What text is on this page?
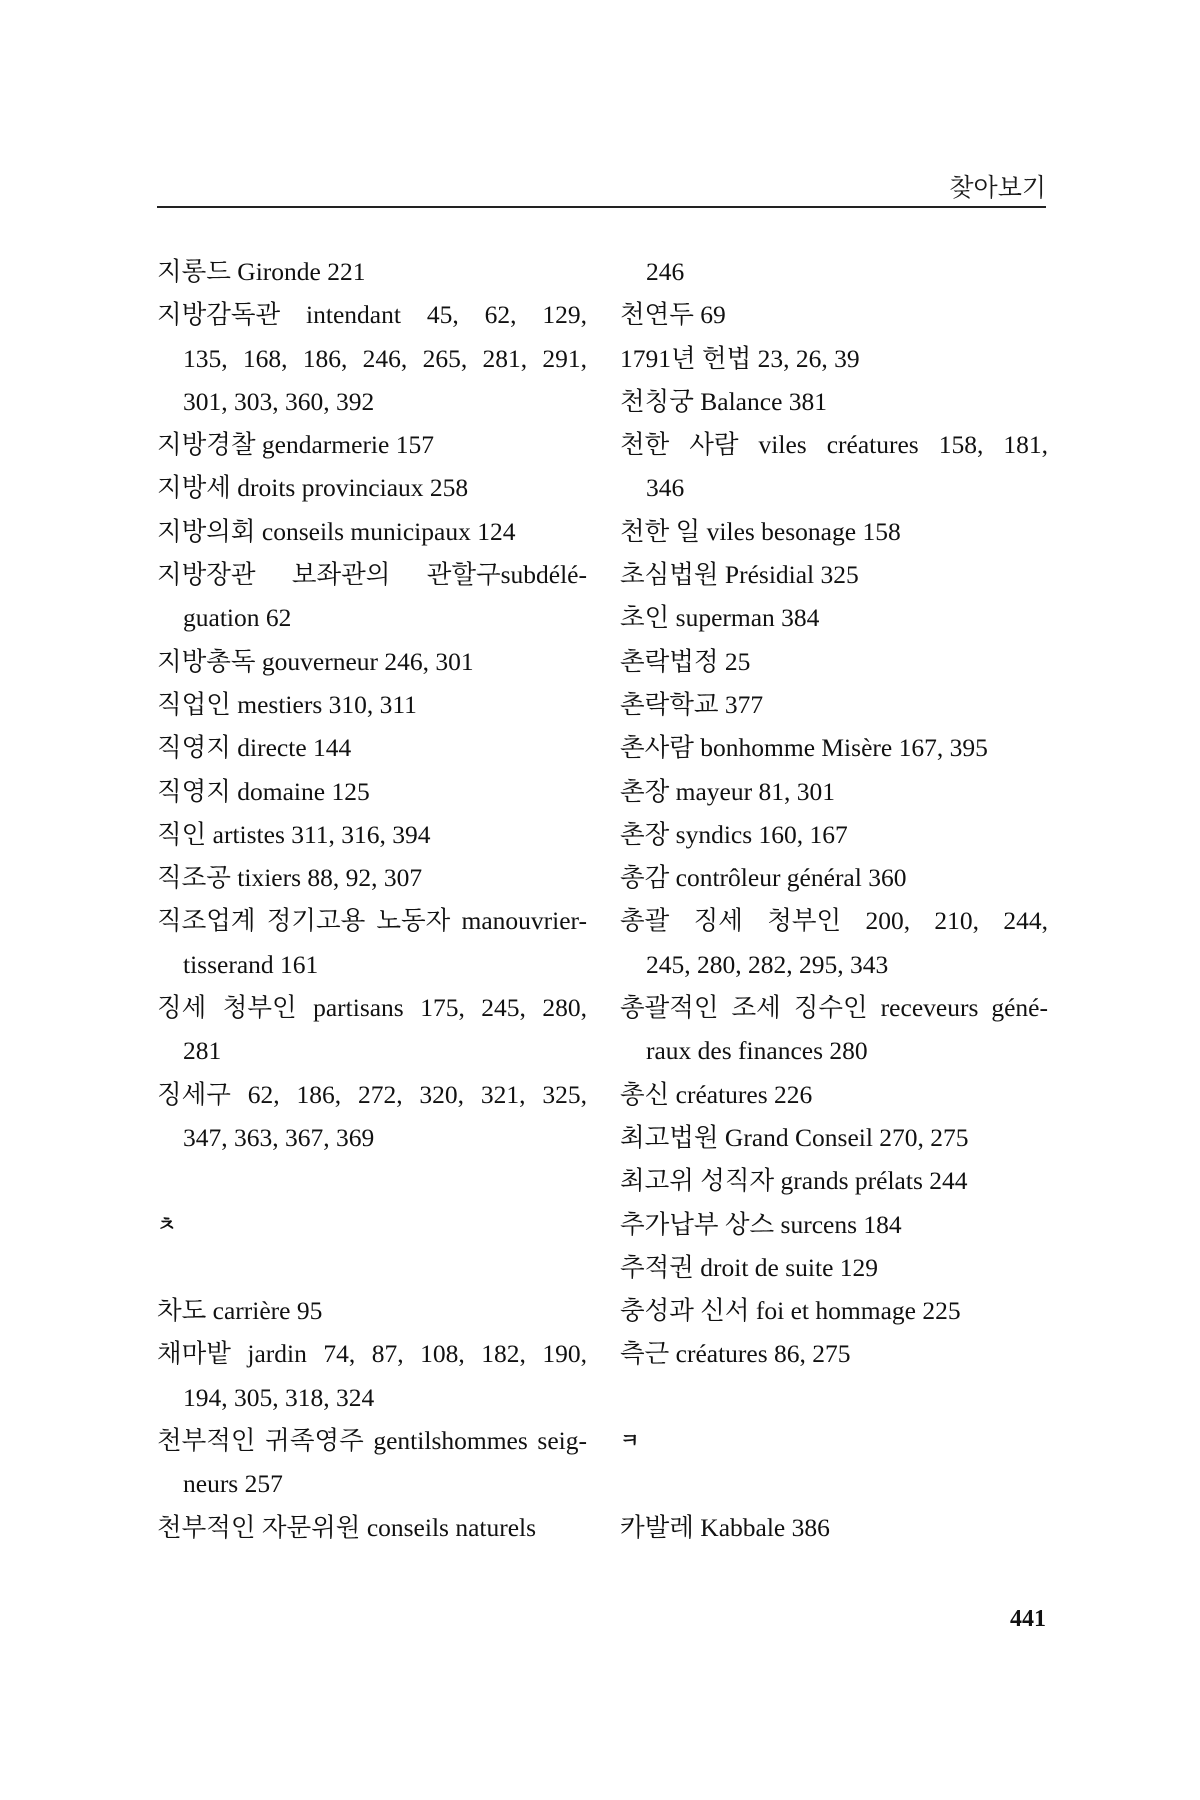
찾아보기
지롱드 Gironde 221
지방감독관 intendant 45, 62, 129,
135, 168, 186, 246, 265, 281, 291,
301, 303, 360, 392
지방경찰 gendarmerie 157
지방세 droits provinciaux 258
지방의회 conseils municipaux 124
지방장관 보좌관의 관할구subdélé-
guation 62
지방총독 gouverneur 246, 301
직업인 mestiers 310, 311
직영지 directe 144
직영지 domaine 125
직인 artistes 311, 316, 394
직조공 tixiers 88, 92, 307
직조업계 정기고용 노동자 manouvrier-
tisserand 161
징세 청부인 partisans 175, 245, 280,
281
징세구 62, 186, 272, 320, 321, 325,
347, 363, 367, 369
ㅊ
차도 carrière 95
채마밭 jardin 74, 87, 108, 182, 190,
194, 305, 318, 324
천부적인 귀족영주 gentilshommes seig-
neurs 257
천부적인 자문위원 conseils naturels
246
천연두 69
1791년 헌법 23, 26, 39
천칭궁 Balance 381
천한 사람 viles créatures 158, 181,
346
천한 일 viles besonage 158
초심법원 Présidial 325
초인 superman 384
촌락법정 25
촌락학교 377
촌사람 bonhomme Misère 167, 395
촌장 mayeur 81, 301
촌장 syndics 160, 167
총감 contrôleur général 360
총괄 징세 청부인 200, 210, 244,
245, 280, 282, 295, 343
총괄적인 조세 징수인 receveurs géné-
raux des finances 280
총신 créatures 226
최고법원 Grand Conseil 270, 275
최고위 성직자 grands prélats 244
추가납부 상스 surcens 184
추적권 droit de suite 129
충성과 신서 foi et hommage 225
측근 créatures 86, 275
ㅋ
카발레 Kabbale 386
441
